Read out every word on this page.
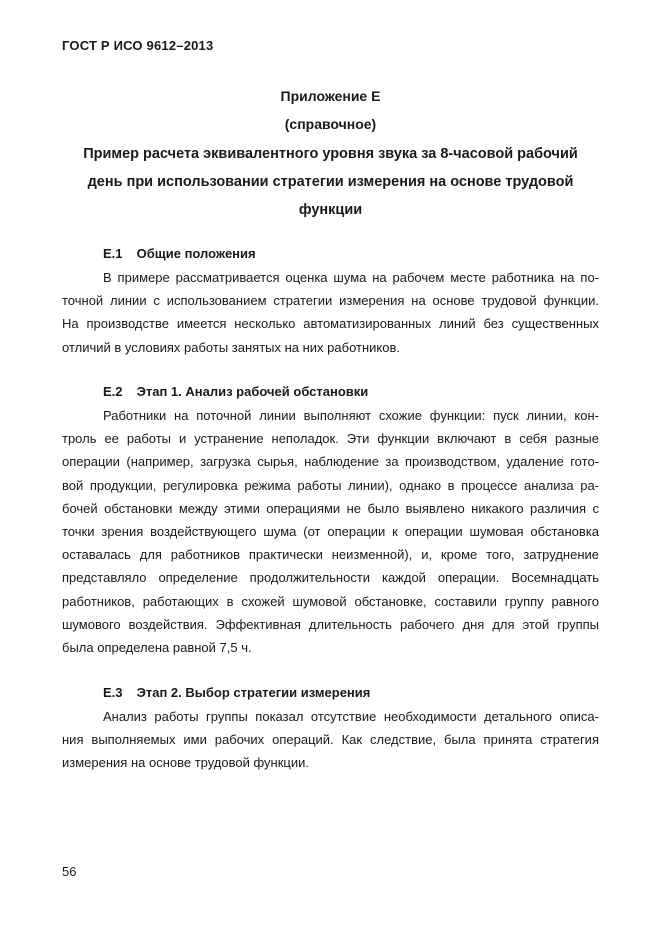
ГОСТ Р ИСО 9612–2013
Приложение Е
(справочное)
Пример расчета эквивалентного уровня звука за 8-часовой рабочий
день при использовании стратегии измерения на основе трудовой
функции
Е.1 Общие положения
В примере рассматривается оценка шума на рабочем месте работника на по-
точной линии с использованием стратегии измерения на основе трудовой функции.
На производстве имеется несколько автоматизированных линий без существенных
отличий в условиях работы занятых на них работников.
Е.2 Этап 1. Анализ рабочей обстановки
Работники на поточной линии выполняют схожие функции: пуск линии, кон-
троль ее работы и устранение неполадок. Эти функции включают в себя разные
операции (например, загрузка сырья, наблюдение за производством, удаление гото-
вой продукции, регулировка режима работы линии), однако в процессе анализа ра-
бочей обстановки между этими операциями не было выявлено никакого различия с
точки зрения воздействующего шума (от операции к операции шумовая обстановка
оставалась для работников практически неизменной), и, кроме того, затруднение
представляло определение продолжительности каждой операции. Восемнадцать
работников, работающих в схожей шумовой обстановке, составили группу равного
шумового воздействия. Эффективная длительность рабочего дня для этой группы
была определена равной 7,5 ч.
Е.3 Этап 2. Выбор стратегии измерения
Анализ работы группы показал отсутствие необходимости детального описа-
ния выполняемых ими рабочих операций. Как следствие, была принята стратегия
измерения на основе трудовой функции.
56
